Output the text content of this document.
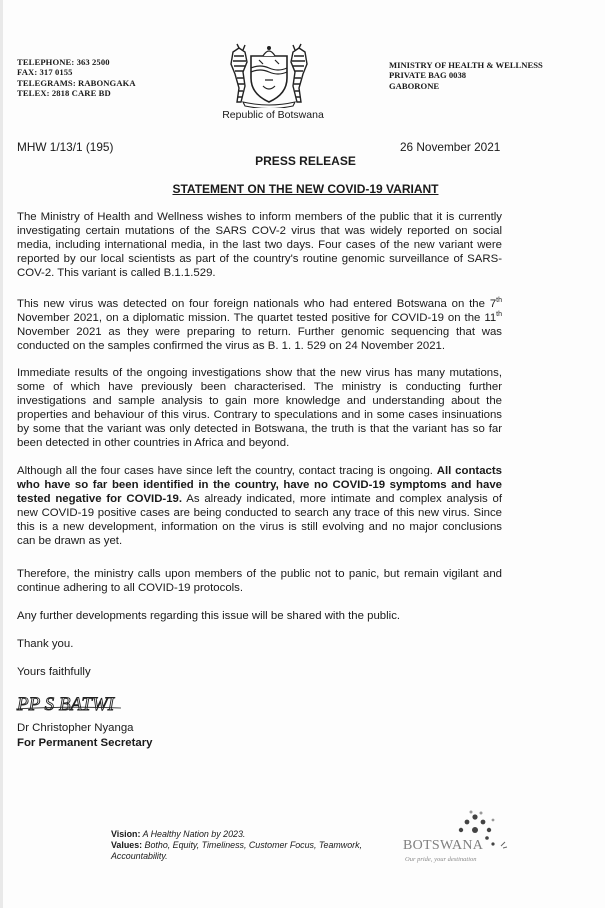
TELEPHONE: 363 2500
FAX: 317 0155
TELEGRAMS: RABONGAKA
TELEX: 2818 CARE BD
Republic of Botswana
MINISTRY OF HEALTH & WELLNESS
PRIVATE BAG 0038
GABORONE
MHW 1/13/1 (195)	26 November 2021
PRESS RELEASE
STATEMENT ON THE NEW COVID-19 VARIANT
The Ministry of Health and Wellness wishes to inform members of the public that it is currently investigating certain mutations of the SARS COV-2 virus that was widely reported on social media, including international media, in the last two days. Four cases of the new variant were reported by our local scientists as part of the country's routine genomic surveillance of SARS-COV-2. This variant is called B.1.1.529.
This new virus was detected on four foreign nationals who had entered Botswana on the 7th November 2021, on a diplomatic mission. The quartet tested positive for COVID-19 on the 11th November 2021 as they were preparing to return. Further genomic sequencing that was conducted on the samples confirmed the virus as B. 1. 1. 529 on 24 November 2021.
Immediate results of the ongoing investigations show that the new virus has many mutations, some of which have previously been characterised. The ministry is conducting further investigations and sample analysis to gain more knowledge and understanding about the properties and behaviour of this virus. Contrary to speculations and in some cases insinuations by some that the variant was only detected in Botswana, the truth is that the variant has so far been detected in other countries in Africa and beyond.
Although all the four cases have since left the country, contact tracing is ongoing. All contacts who have so far been identified in the country, have no COVID-19 symptoms and have tested negative for COVID-19. As already indicated, more intimate and complex analysis of new COVID-19 positive cases are being conducted to search any trace of this new virus. Since this is a new development, information on the virus is still evolving and no major conclusions can be drawn as yet.
Therefore, the ministry calls upon members of the public not to panic, but remain vigilant and continue adhering to all COVID-19 protocols.
Any further developments regarding this issue will be shared with the public.
Thank you.
Yours faithfully
PP S BATWI
Dr Christopher Nyanga
For Permanent Secretary
Vision: A Healthy Nation by 2023.
Values: Botho, Equity, Timeliness, Customer Focus, Teamwork, Accountability.
BOTSWANA
Our pride, your destination
